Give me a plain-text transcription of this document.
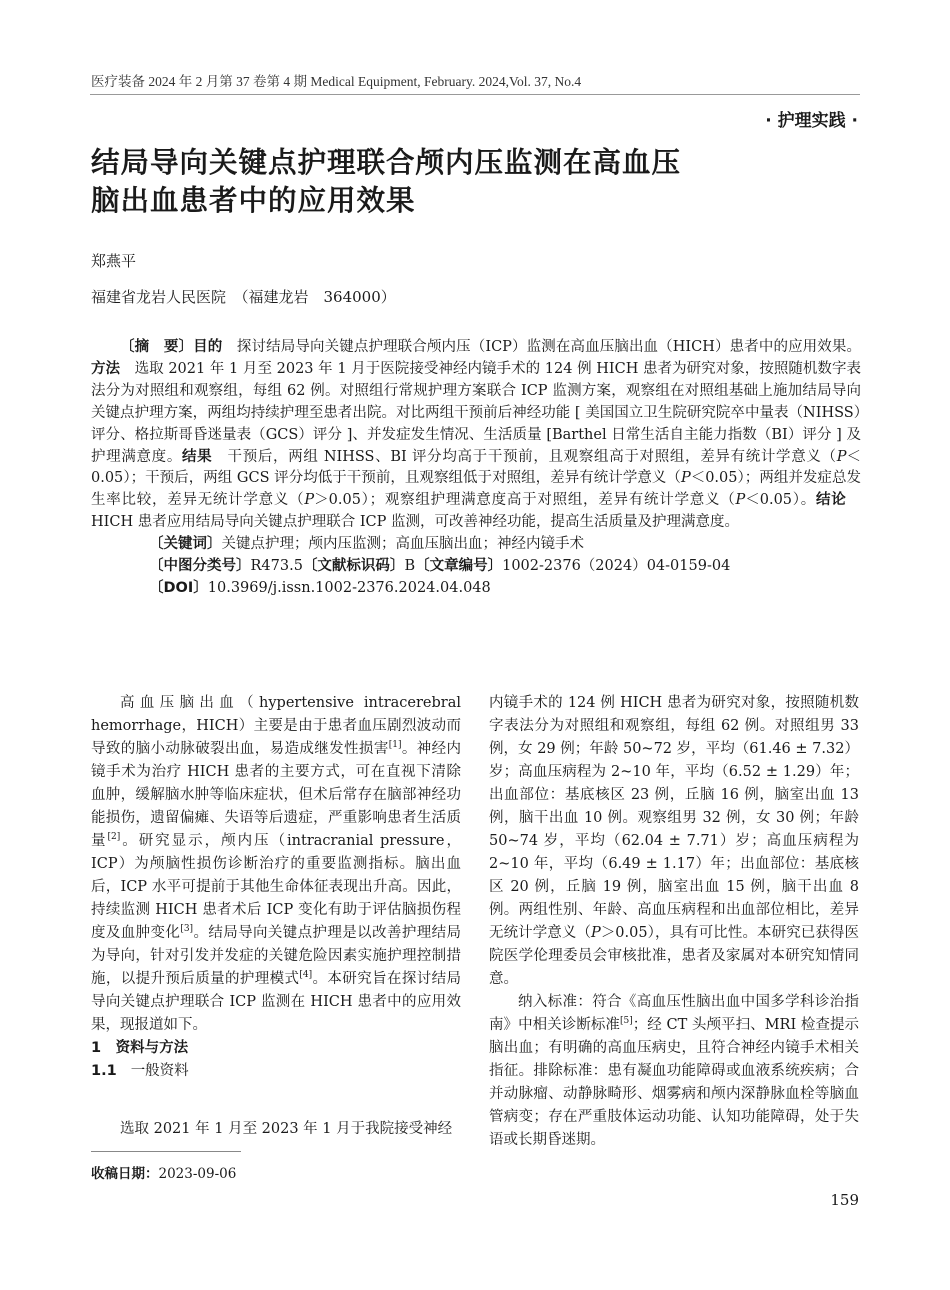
医疗装备 2024 年 2 月第 37 卷第 4 期 Medical Equipment, February. 2024,Vol. 37, No.4
· 护理实践 ·
结局导向关键点护理联合颅内压监测在高血压
脑出血患者中的应用效果
郑燕平
福建省龙岩人民医院　（福建龙岩　364000）

〔摘　要〕目的　探讨结局导向关键点护理联合颅内压（ICP）监测在高血压脑出血（HICH）患者中的应用效果。方法　选取 2021 年 1 月至 2023 年 1 月于医院接受神经内镜手术的 124 例 HICH 患者为研究对象，按照随机数字表法分为对照组和观察组，每组 62 例。对照组行常规护理方案联合 ICP 监测方案，观察组在对照组基础上施加结局导向关键点护理方案，两组均持续护理至患者出院。对比两组干预前后神经功能 [ 美国国立卫生院研究院卒中量表（NIHSS）评分、格拉斯哥昏迷量表（GCS）评分 ]、并发症发生情况、生活质量 [Barthel 日常生活自主能力指数（BI）评分 ] 及护理满意度。结果　干预后，两组 NIHSS、BI 评分均高于干预前，且观察组高于对照组，差异有统计学意义（P＜0.05）；干预后，两组 GCS 评分均低于干预前，且观察组低于对照组，差异有统计学意义（P＜0.05）；两组并发症总发生率比较，差异无统计学意义（P＞0.05）；观察组护理满意度高于对照组，差异有统计学意义（P＜0.05）。结论　HICH 患者应用结局导向关键点护理联合 ICP 监测，可改善神经功能，提高生活质量及护理满意度。

〔关键词〕关键点护理；颅内压监测；高血压脑出血；神经内镜手术

〔中图分类号〕R473.5〔文献标识码〕B〔文章编号〕1002-2376（2024）04-0159-04

〔DOI〕10.3969/j.issn.1002-2376.2024.04.048

高血压脑出血（hypertensive intracerebral hemorrhage，HICH）主要是由于患者血压剧烈波动而导致的脑小动脉破裂出血，易造成继发性损害[1]。神经内镜手术为治疗 HICH 患者的主要方式，可在直视下清除血肿，缓解脑水肿等临床症状，但术后常存在脑部神经功能损伤，遗留偏瘫、失语等后遗症，严重影响患者生活质量[2]。研究显示，颅内压（intracranial pressure，ICP）为颅脑性损伤诊断治疗的重要监测指标。脑出血后，ICP 水平可提前于其他生命体征表现出升高。因此，持续监测 HICH 患者术后 ICP 变化有助于评估脑损伤程度及血肿变化[3]。结局导向关键点护理是以改善护理结局为导向，针对引发并发症的关键危险因素实施护理控制措施，以提升预后质量的护理模式[4]。本研究旨在探讨结局导向关键点护理联合 ICP 监测在 HICH 患者中的应用效果，现报道如下。

1　资料与方法

1.1 一般资料

选取 2021 年 1 月至 2023 年 1 月于我院接受神经

内镜手术的 124 例 HICH 患者为研究对象，按照随机数字表法分为对照组和观察组，每组 62 例。对照组男 33 例，女 29 例；年龄 50~72 岁，平均（61.46 ± 7.32）岁；高血压病程为 2~10 年，平均（6.52 ± 1.29）年；出血部位：基底核区 23 例，丘脑 16 例，脑室出血 13 例，脑干出血 10 例。观察组男 32 例，女 30 例；年龄 50~74 岁，平均（62.04 ± 7.71）岁；高血压病程为 2~10 年，平均（6.49 ± 1.17）年；出血部位：基底核区 20 例，丘脑 19 例，脑室出血 15 例，脑干出血 8 例。两组性别、年龄、高血压病程和出血部位相比，差异无统计学意义（P＞0.05），具有可比性。本研究已获得医院医学伦理委员会审核批准，患者及家属对本研究知情同意。

纳入标准：符合《高血压性脑出血中国多学科诊治指南》中相关诊断标准[5]；经 CT 头颅平扫、MRI 检查提示脑出血；有明确的高血压病史，且符合神经内镜手术相关指征。排除标准：患有凝血功能障碍或血液系统疾病；合并动脉瘤、动静脉畸形、烟雾病和颅内深静脉血栓等脑血管病变；存在严重肢体运动功能、认知功能障碍，处于失语或长期昏迷期。

收稿日期：2023-09-06
159
